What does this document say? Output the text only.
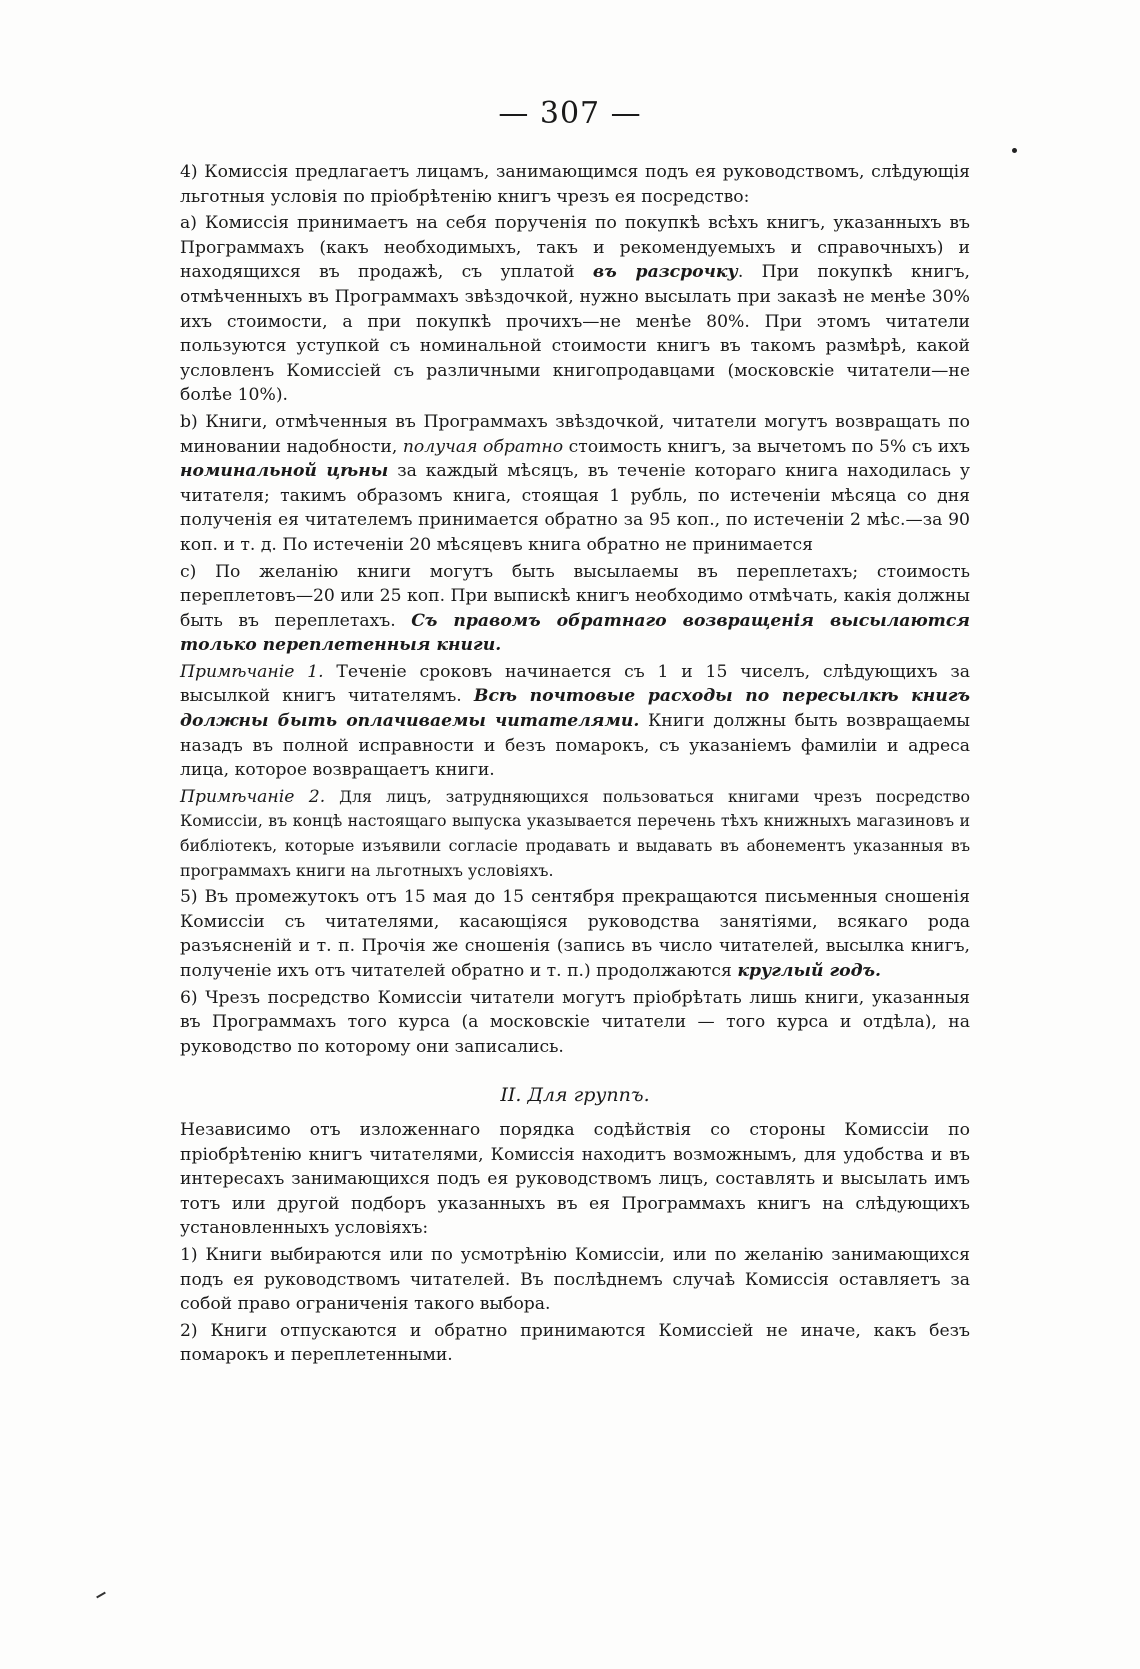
— 307 —

4) Комиссія предлагаетъ лицамъ, занимающимся подъ ея руководствомъ, слѣдующія льготныя условія по пріобрѣтенію книгъ чрезъ ея посредство:

a) Комиссія принимаетъ на себя порученія по покупкѣ всѣхъ книгъ, указанныхъ въ Программахъ (какъ необходимыхъ, такъ и рекомендуемыхъ и справочныхъ) и находящихся въ продажѣ, съ уплатой въ разсрочку. При покупкѣ книгъ, отмѣченныхъ въ Программахъ звѣздочкой, нужно высылать при заказѣ не менѣе 30% ихъ стоимости, а при покупкѣ прочихъ—не менѣе 80%. При этомъ читатели пользуются уступкой съ номинальной стоимости книгъ въ такомъ размѣрѣ, какой условленъ Комиссіей съ различными книгопродавцами (московскіе читатели—не болѣе 10%).

b) Книги, отмѣченныя въ Программахъ звѣздочкой, читатели могутъ возвращать по миновании надобности, получая обратно стоимость книгъ, за вычетомъ по 5% съ ихъ номинальной цѣны за каждый мѣсяцъ, въ теченіе котораго книга находилась у читателя; такимъ образомъ книга, стоящая 1 рубль, по истеченіи мѣсяца со дня полученія ея читателемъ принимается обратно за 95 коп., по истеченіи 2 мѣс.—за 90 коп. и т. д. По истеченіи 20 мѣсяцевъ книга обратно не принимается

c) По желанію книги могутъ быть высылаемы въ переплетахъ; стоимость переплетовъ—20 или 25 коп. При выпискѣ книгъ необходимо отмѣчать, какія должны быть въ переплетахъ. Съ правомъ обратнаго возвращенія высылаются только переплетенныя книги.

Примѣчаніе 1. Теченіе сроковъ начинается съ 1 и 15 чиселъ, слѣдующихъ за высылкой книгъ читателямъ. Всѣ почтовые расходы по пересылкѣ книгъ должны быть оплачиваемы читателями. Книги должны быть возвращаемы назадъ въ полной исправности и безъ помарокъ, съ указаніемъ фамиліи и адреса лица, которое возвращаетъ книги.

Примѣчаніе 2. Для лицъ, затрудняющихся пользоваться книгами чрезъ посредство Комиссіи, въ концѣ настоящаго выпуска указывается перечень тѣхъ книжныхъ магазиновъ и библіотекъ, которые изъявили согласіе продавать и выдавать въ абонементъ указанныя въ программахъ книги на льготныхъ условіяхъ.

5) Въ промежутокъ отъ 15 мая до 15 сентября прекращаются письменныя сношенія Комиссіи съ читателями, касающіяся руководства занятіями, всякаго рода разъясненій и т. п. Прочія же сношенія (запись въ число читателей, высылка книгъ, полученіе ихъ отъ читателей обратно и т. п.) продолжаются круглый годъ.

6) Чрезъ посредство Комиссіи читатели могутъ пріобрѣтать лишь книги, указанныя въ Программахъ того курса (а московскіе читатели — того курса и отдѣла), на руководство по которому они записались.

II. Для группъ.

Независимо отъ изложеннаго порядка содѣйствія со стороны Комиссіи по пріобрѣтенію книгъ читателями, Комиссія находитъ возможнымъ, для удобства и въ интересахъ занимающихся подъ ея руководствомъ лицъ, составлять и высылать имъ тотъ или другой подборъ указанныхъ въ ея Программахъ книгъ на слѣдующихъ установленныхъ условіяхъ:

1) Книги выбираются или по усмотрѣнію Комиссіи, или по желанію занимающихся подъ ея руководствомъ читателей. Въ послѣднемъ случаѣ Комиссія оставляетъ за собой право ограниченія такого выбора.

2) Книги отпускаются и обратно принимаются Комиссіей не иначе, какъ безъ помарокъ и переплетенными.
